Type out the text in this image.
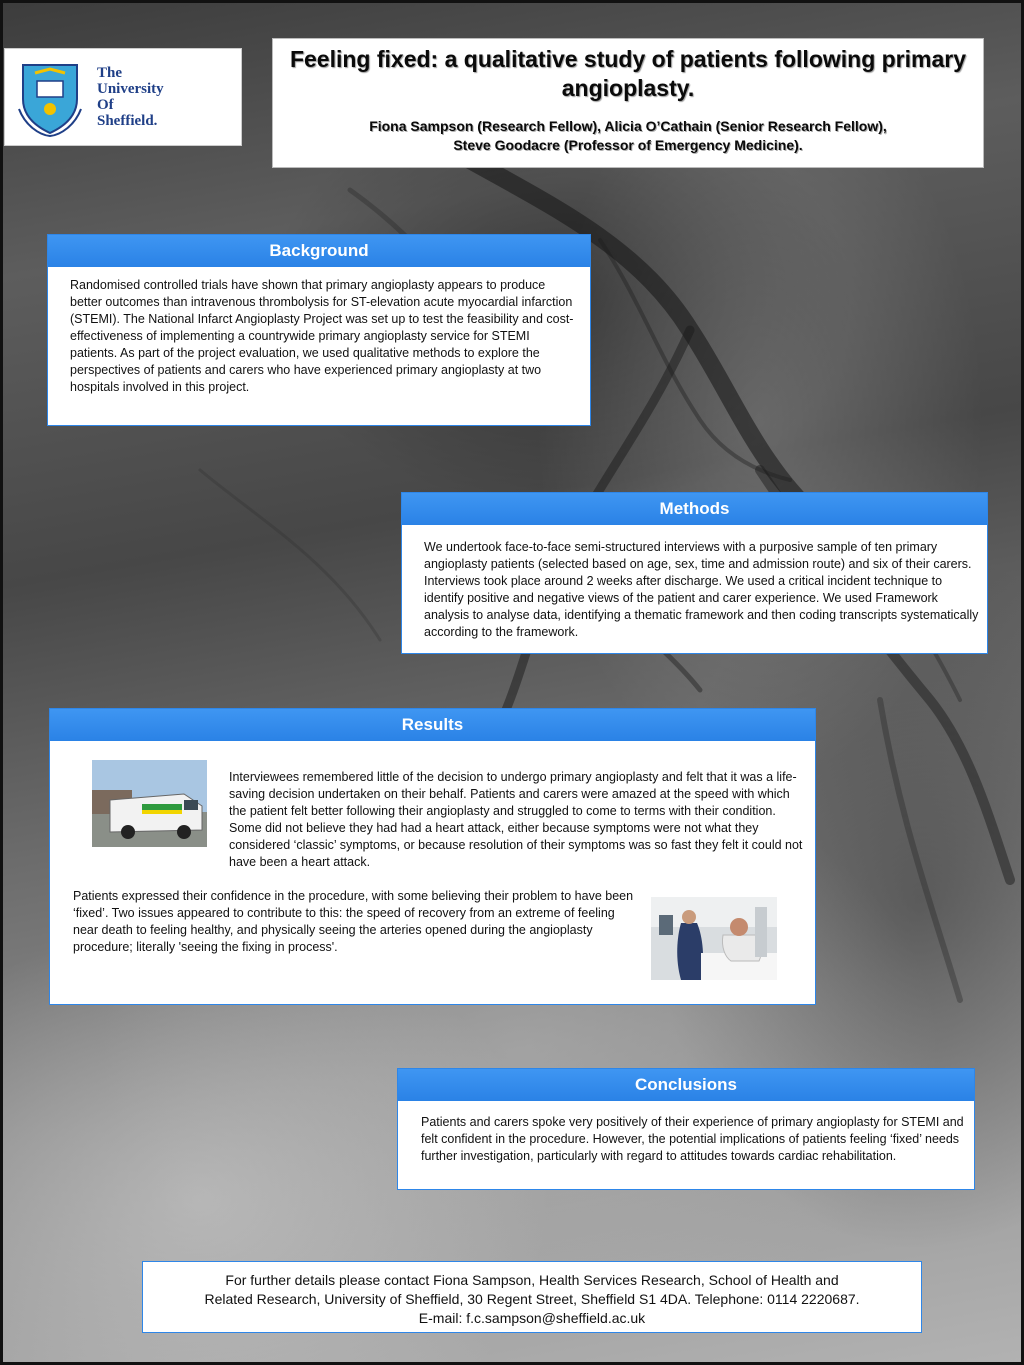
The
University
Of
Sheffield.
Feeling fixed: a qualitative study of patients following primary angioplasty.
Fiona Sampson (Research Fellow), Alicia O’Cathain (Senior Research Fellow),
Steve Goodacre (Professor of Emergency Medicine).
Background
Randomised controlled trials have shown that primary angioplasty appears to produce better outcomes than intravenous thrombolysis for ST-elevation acute myocardial infarction (STEMI). The National Infarct Angioplasty Project was set up to test the feasibility and cost-effectiveness of implementing a countrywide primary angioplasty service for STEMI patients. As part of the project evaluation, we used qualitative methods to explore the perspectives of patients and carers who have experienced primary angioplasty at two hospitals involved in this project.
Methods
We undertook face-to-face semi-structured interviews with a purposive sample of ten primary angioplasty patients (selected based on age, sex, time and admission route) and six of their carers. Interviews took place around 2 weeks after discharge. We used a critical incident technique to identify positive and negative views of the patient and carer experience. We used Framework analysis to analyse data, identifying a thematic framework and then coding transcripts systematically according to the framework.
Results

Interviewees remembered little of the decision to undergo primary angioplasty and felt that it was a life-saving decision undertaken on their behalf. Patients and carers were amazed at the speed with which the patient felt better following their angioplasty and struggled to come to terms with their condition. Some did not believe they had had a heart attack, either because symptoms were not what they considered ‘classic’ symptoms, or because resolution of their symptoms was so fast they felt it could not have been a heart attack.

Patients expressed their confidence in the procedure, with some believing their problem to have been ‘fixed’. Two issues appeared to contribute to this: the speed of recovery from an extreme of feeling near death to feeling healthy, and physically seeing the arteries opened during the angioplasty procedure; literally 'seeing the fixing in process'.

Conclusions
Patients and carers spoke very positively of their experience of primary angioplasty for STEMI and felt confident in the procedure. However, the potential implications of patients feeling ‘fixed’ needs further investigation, particularly with regard to attitudes towards cardiac rehabilitation.
For further details please contact Fiona Sampson, Health Services Research, School of Health and
Related Research, University of Sheffield, 30 Regent Street, Sheffield S1 4DA. Telephone: 0114 2220687.
E-mail: f.c.sampson@sheffield.ac.uk
